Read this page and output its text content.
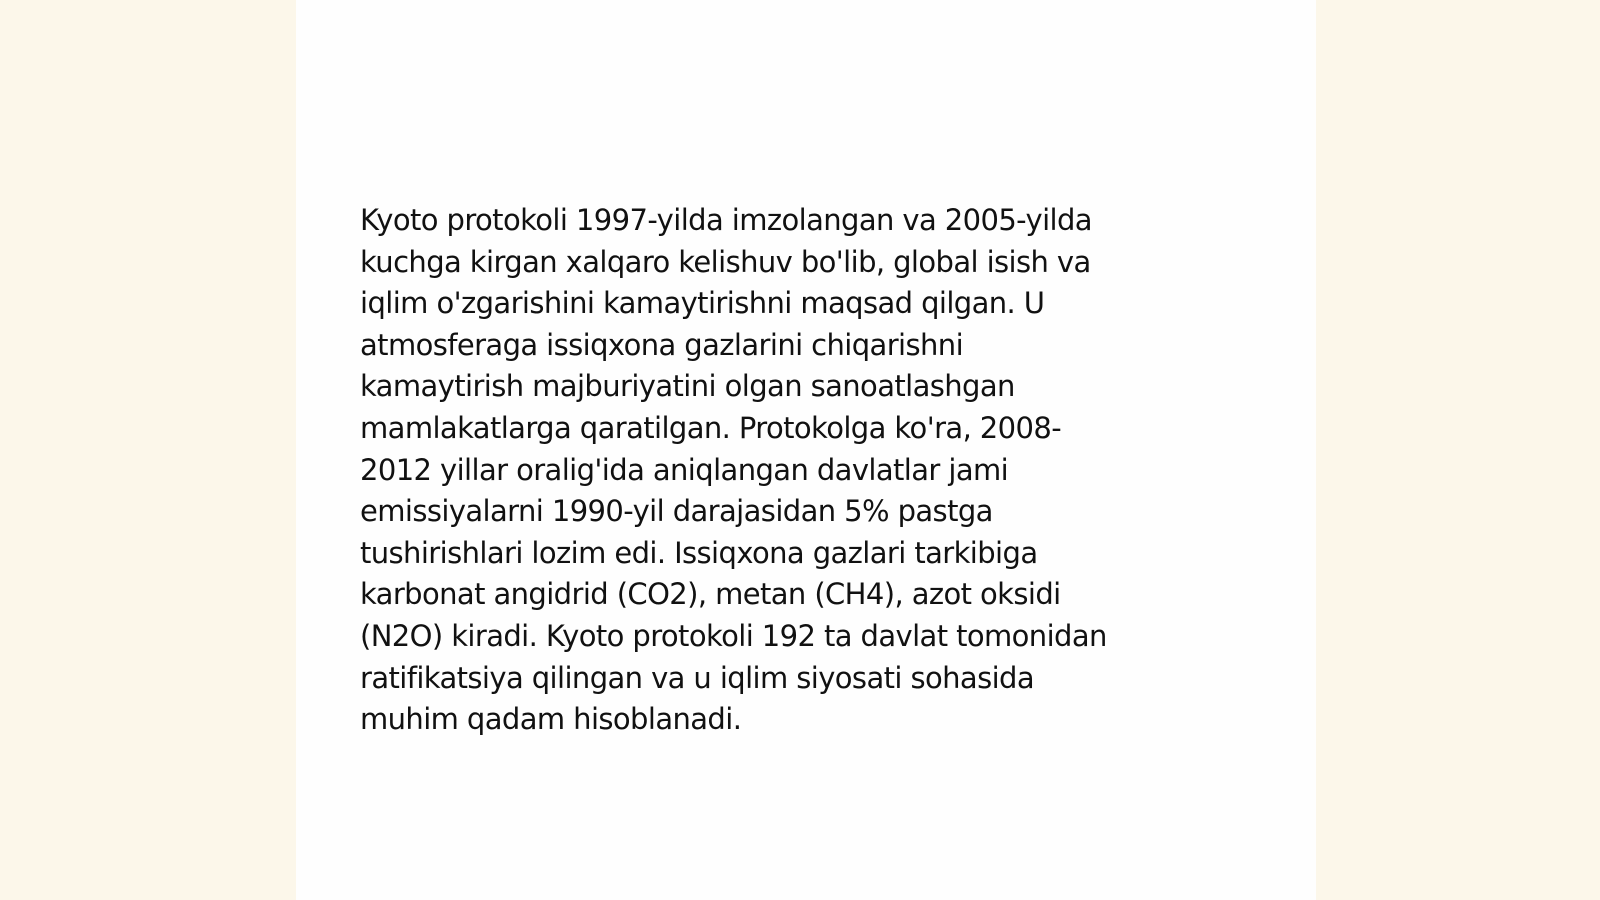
Kyoto protokoli 1997-yilda imzolangan va 2005-yilda
kuchga kirgan xalqaro kelishuv bo'lib, global isish va
iqlim o'zgarishini kamaytirishni maqsad qilgan. U
atmosferaga issiqxona gazlarini chiqarishni
kamaytirish majburiyatini olgan sanoatlashgan
mamlakatlarga qaratilgan. Protokolga ko'ra, 2008-
2012 yillar oralig'ida aniqlangan davlatlar jami
emissiyalarni 1990-yil darajasidan 5% pastga
tushirishlari lozim edi. Issiqxona gazlari tarkibiga
karbonat angidrid (CO2), metan (CH4), azot oksidi
(N2O) kiradi. Kyoto protokoli 192 ta davlat tomonidan
ratifikatsiya qilingan va u iqlim siyosati sohasida
muhim qadam hisoblanadi.
